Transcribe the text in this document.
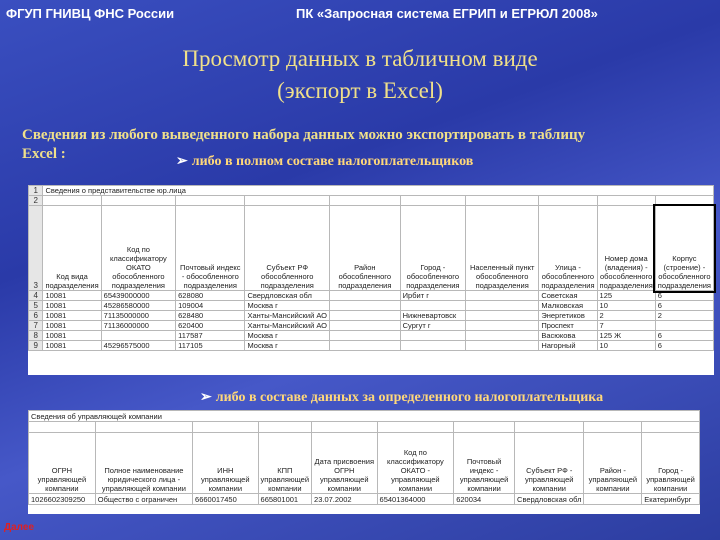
ФГУП ГНИВЦ ФНС России	ПК «Запросная система ЕГРИП и ЕГРЮЛ 2008»
Просмотр данных в табличном виде
(экспорт в Excel)
Сведения из любого выведенного набора данных можно экспортировать в таблицу Excel :	➢ либо в полном составе налогоплательщиков
1	Сведения о представительстве юр.лица									
2										
3	Код вида подразделения	Код по классификатору ОКАТО обособленного подразделения	Почтовый индекс - обособленного подразделения	Субъект РФ обособленного подразделения	Район обособленного подразделения	Город - обособленного подразделения	Населенный пункт обособленного подразделения	Улица - обособленного подразделения	Номер дома (владения) - обособленного подразделения	Корпус (строение) - обособленного подразделения
4	10081	65439000000	628080	Свердловская обл		Ирбит г		Советская	125	6
5	10081	45286580000	109004	Москва г				Малковская	10	6
6	10081	71135000000	628480	Ханты-Мансийский АО		Нижневартовск		Энергетиков	2	2
7	10081	71136000000	620400	Ханты-Мансийский АО		Сургут г		Проспект	7	
8	10081		117587	Москва г				Васюкова	125 Ж	6
9	10081	45296575000	117105	Москва г				Нагорный	10	6
➢ либо в составе данных за определенного налогоплательщика
Сведения об управляющей компании									

ОГРН управляющей компании	Полное наименование юридического лица - управляющей компании	ИНН управляющей компании	КПП управляющей компании	Дата присвоения ОГРН управляющей компании	Код по классификатору ОКАТО - управляющей компании	Почтовый индекс - управляющей компании	Субъект РФ - управляющей компании	Район - управляющей компании	Город - управляющей компании
1026602309250	Общество с ограничен	6660017450	665801001	23.07.2002	65401364000	620034	Свердловская обл		Екатеринбург
Далее
